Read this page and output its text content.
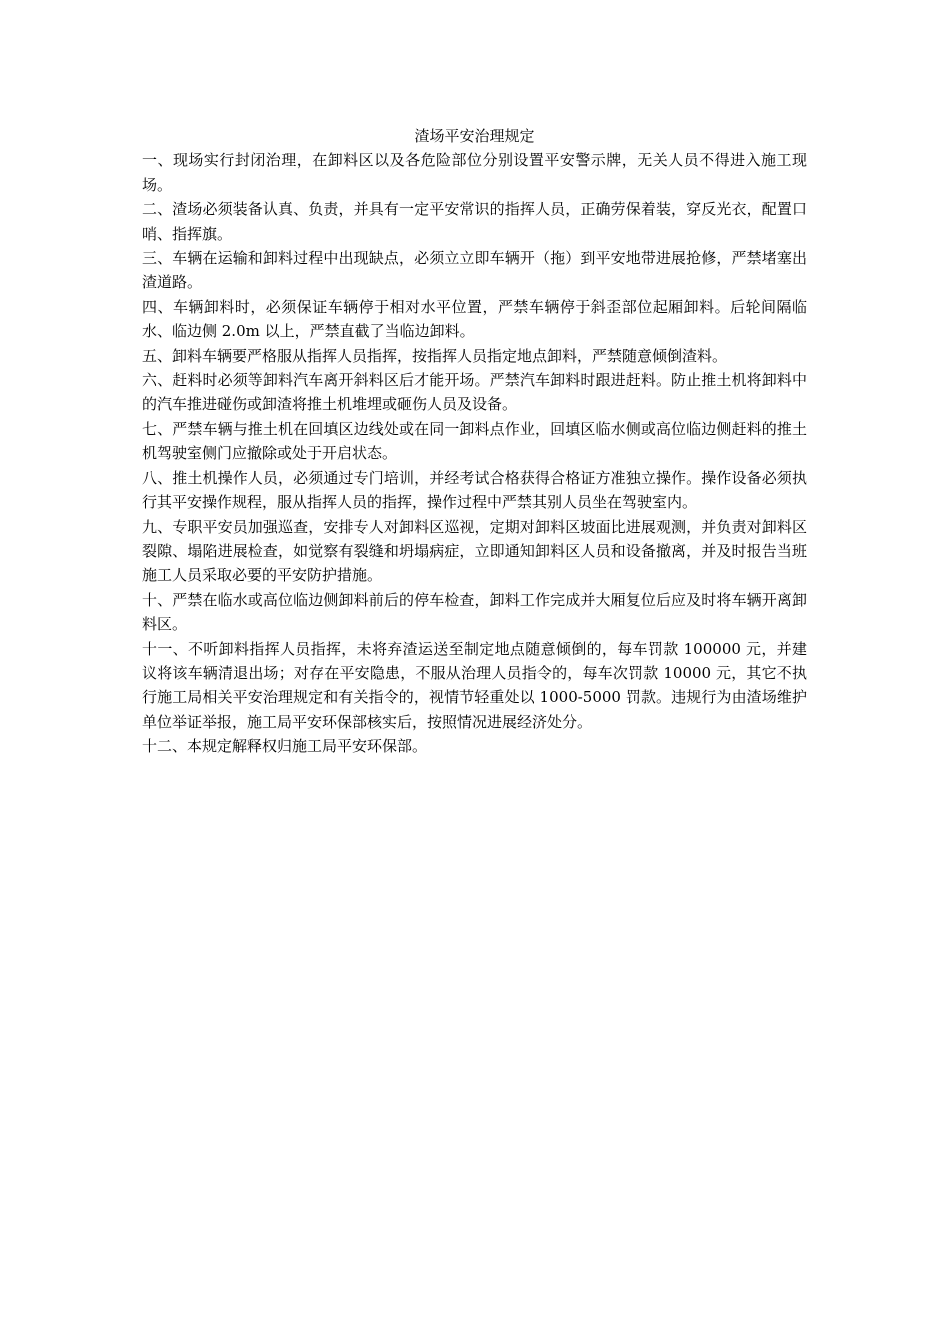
渣场平安治理规定

一、现场实行封闭治理，在卸料区以及各危险部位分别设置平安警示牌，无关人员不得进入施工现场。

二、渣场必须装备认真、负责，并具有一定平安常识的指挥人员，正确劳保着装，穿反光衣，配置口哨、指挥旗。

三、车辆在运输和卸料过程中出现缺点，必须立立即车辆开（拖）到平安地带进展抢修，严禁堵塞出渣道路。

四、车辆卸料时，必须保证车辆停于相对水平位置，严禁车辆停于斜歪部位起厢卸料。后轮间隔临水、临边侧 2.0m 以上，严禁直截了当临边卸料。

五、卸料车辆要严格服从指挥人员指挥，按指挥人员指定地点卸料，严禁随意倾倒渣料。

六、赶料时必须等卸料汽车离开斜料区后才能开场。严禁汽车卸料时跟进赶料。防止推土机将卸料中的汽车推进碰伤或卸渣将推土机堆埋或砸伤人员及设备。

七、严禁车辆与推土机在回填区边线处或在同一卸料点作业，回填区临水侧或高位临边侧赶料的推土机驾驶室侧门应撤除或处于开启状态。

八、推土机操作人员，必须通过专门培训，并经考试合格获得合格证方准独立操作。操作设备必须执行其平安操作规程，服从指挥人员的指挥，操作过程中严禁其别人员坐在驾驶室内。

九、专职平安员加强巡查，安排专人对卸料区巡视，定期对卸料区坡面比进展观测，并负责对卸料区裂隙、塌陷进展检查，如觉察有裂缝和坍塌病症，立即通知卸料区人员和设备撤离，并及时报告当班施工人员采取必要的平安防护措施。

十、严禁在临水或高位临边侧卸料前后的停车检查，卸料工作完成并大厢复位后应及时将车辆开离卸料区。

十一、不听卸料指挥人员指挥，未将弃渣运送至制定地点随意倾倒的，每车罚款 100000 元，并建议将该车辆清退出场；对存在平安隐患，不服从治理人员指令的，每车次罚款 10000 元，其它不执行施工局相关平安治理规定和有关指令的，视情节轻重处以 1000-5000 罚款。违规行为由渣场维护单位举证举报，施工局平安环保部核实后，按照情况进展经济处分。

十二、本规定解释权归施工局平安环保部。
